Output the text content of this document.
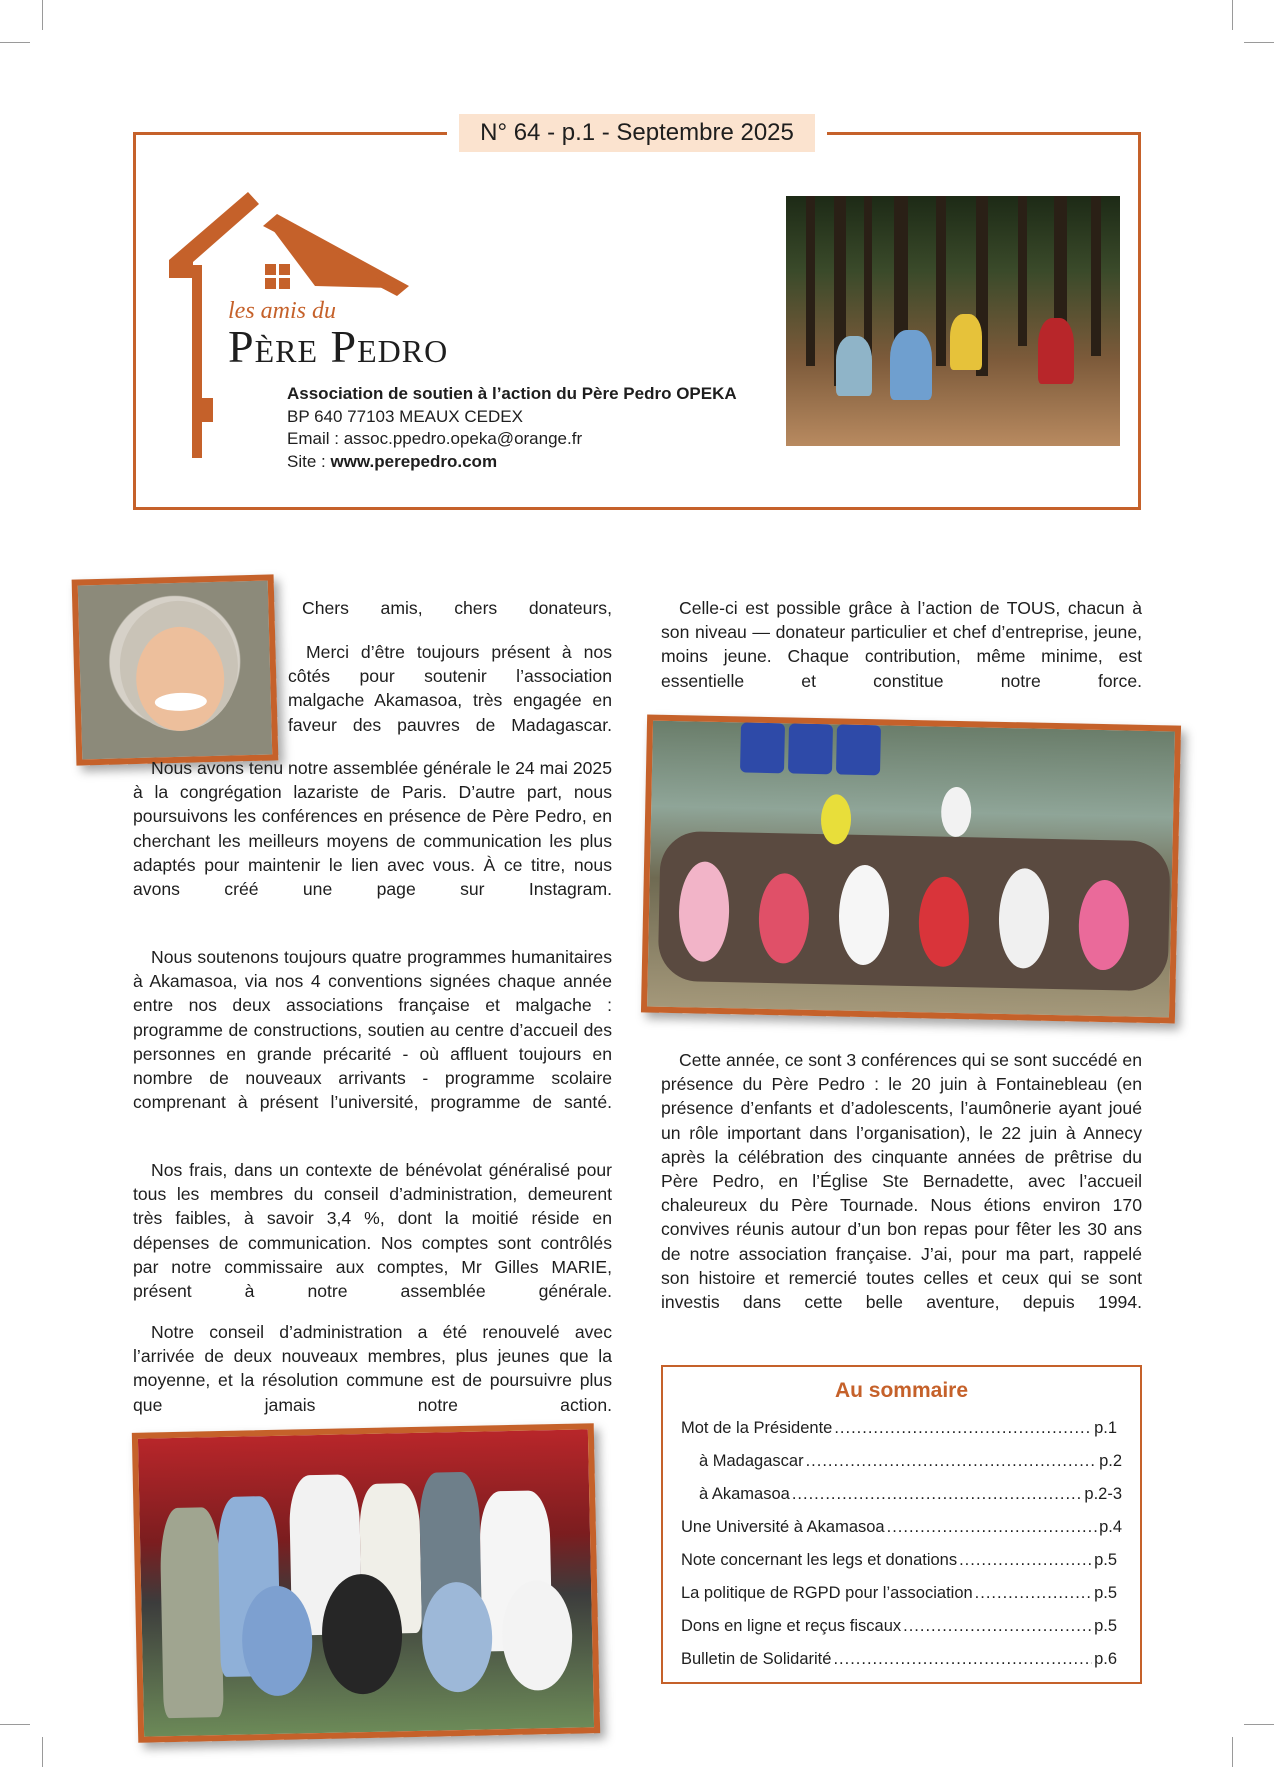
N° 64 - p.1 - Septembre 2025
les amis du
Père Pedro
Association de soutien à l’action du Père Pedro OPEKA
BP 640 77103 MEAUX CEDEX
Email : assoc.ppedro.opeka@orange.fr
Site : www.perepedro.com

Chers amis, chers donateurs,

Merci d’être toujours présent à nos côtés pour soutenir l’association malgache Akamasoa, très engagée en faveur des pauvres de Madagascar.

Nous avons tenu notre assemblée générale le 24 mai 2025 à la congrégation lazariste de Paris. D’autre part, nous poursuivons les conférences en présence de Père Pedro, en cherchant les meilleurs moyens de communication les plus adaptés pour maintenir le lien avec vous. À ce titre, nous avons créé une page sur Instagram.

Nous soutenons toujours quatre programmes humanitaires à Akamasoa, via nos 4 conventions signées chaque année entre nos deux associations française et malgache : programme de constructions, soutien au centre d’accueil des personnes en grande précarité - où affluent toujours en nombre de nouveaux arrivants - programme scolaire comprenant à présent l’université, programme de santé.

Nos frais, dans un contexte de bénévolat généralisé pour tous les membres du conseil d’administration, demeurent très faibles, à savoir 3,4 %, dont la moitié réside en dépenses de communication. Nos comptes sont contrôlés par notre commissaire aux comptes, Mr Gilles MARIE, présent à notre assemblée générale.

Notre conseil d’administration a été renouvelé avec l’arrivée de deux nouveaux membres, plus jeunes que la moyenne, et la résolution commune est de poursuivre plus que jamais notre action.

Celle-ci est possible grâce à l’action de TOUS, chacun à son niveau — donateur particulier et chef d’entreprise, jeune, moins jeune. Chaque contribution, même minime, est essentielle et constitue notre force.

Cette année, ce sont 3 conférences qui se sont succédé en présence du Père Pedro : le 20 juin à Fontainebleau (en présence d’enfants et d’adolescents, l’aumônerie ayant joué un rôle important dans l’organisation), le 22 juin à Annecy après la célébration des cinquante années de prêtrise du Père Pedro, en l’Église Ste Bernadette, avec l’accueil chaleureux du Père Tournade. Nous étions environ 170 convives réunis autour d’un bon repas pour fêter les 30 ans de notre association française. J’ai, pour ma part, rappelé son histoire et remercié toutes celles et ceux qui se sont investis dans cette belle aventure, depuis 1994.

Au sommaire
Mot de la Présidente .....	p.1
à Madagascar .....	p.2
à Akamasoa .....	p.2-3
Une Université à Akamasoa .....	p.4
Note concernant les legs et donations .....	p.5
La politique de RGPD pour l’association .....	p.5
Dons en ligne et reçus fiscaux .....	p.5
Bulletin de Solidarité .....	p.6
